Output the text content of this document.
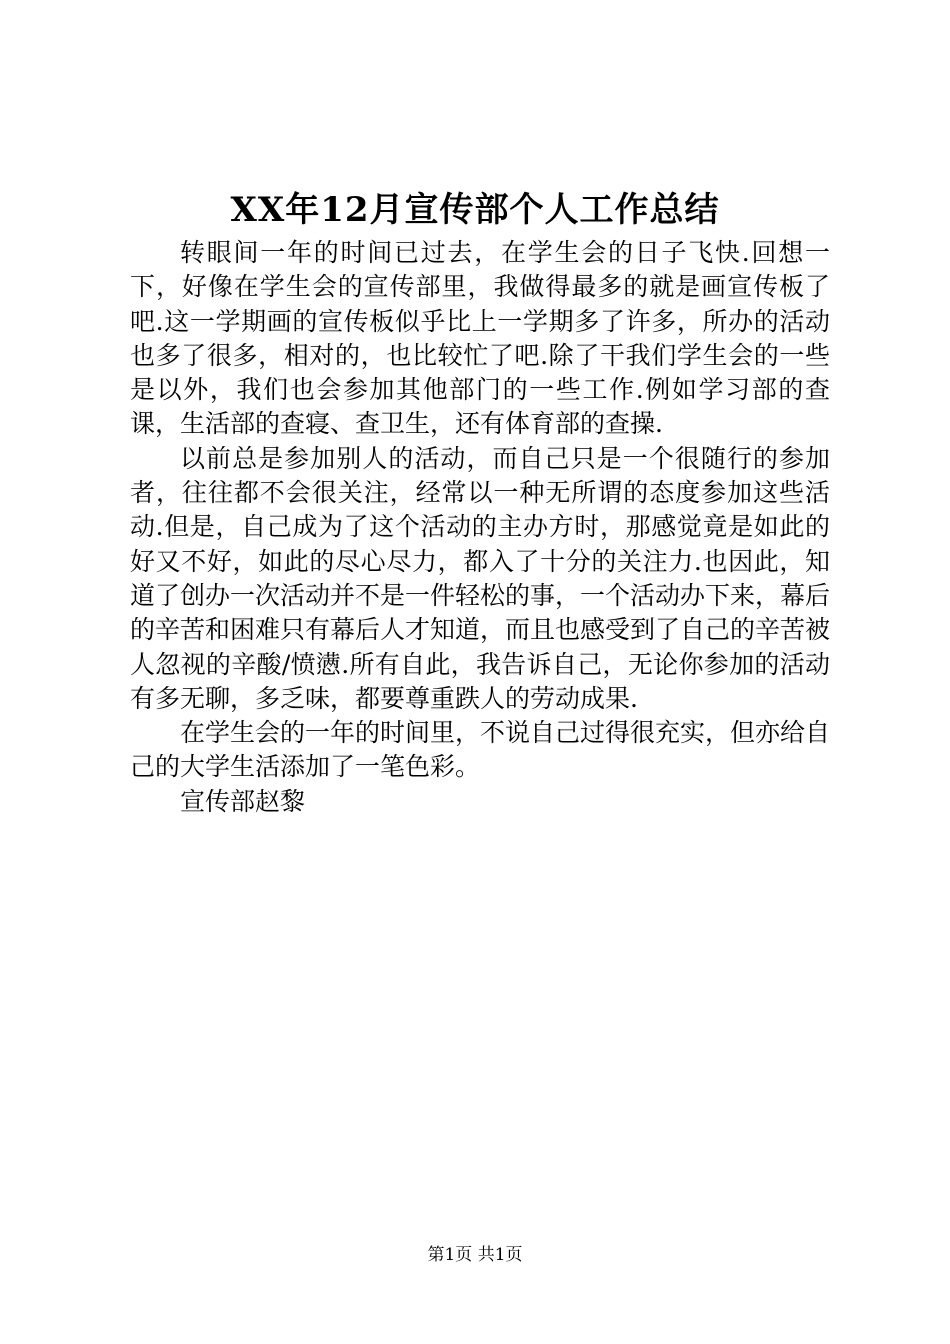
XX年12月宣传部个人工作总结

转眼间一年的时间已过去，在学生会的日子飞快.回想一下，好像在学生会的宣传部里，我做得最多的就是画宣传板了吧.这一学期画的宣传板似乎比上一学期多了许多，所办的活动也多了很多，相对的，也比较忙了吧.除了干我们学生会的一些是以外，我们也会参加其他部门的一些工作.例如学习部的查课，生活部的查寝、查卫生，还有体育部的查操.

以前总是参加别人的活动，而自己只是一个很随行的参加者，往往都不会很关注，经常以一种无所谓的态度参加这些活动.但是，自己成为了这个活动的主办方时，那感觉竟是如此的好又不好，如此的尽心尽力，都入了十分的关注力.也因此，知道了创办一次活动并不是一件轻松的事，一个活动办下来，幕后的辛苦和困难只有幕后人才知道，而且也感受到了自己的辛苦被人忽视的辛酸/愤懑.所有自此，我告诉自己，无论你参加的活动有多无聊，多乏味，都要尊重跌人的劳动成果.

在学生会的一年的时间里，不说自己过得很充实，但亦给自己的大学生活添加了一笔色彩。

宣传部赵黎

第1页 共1页
